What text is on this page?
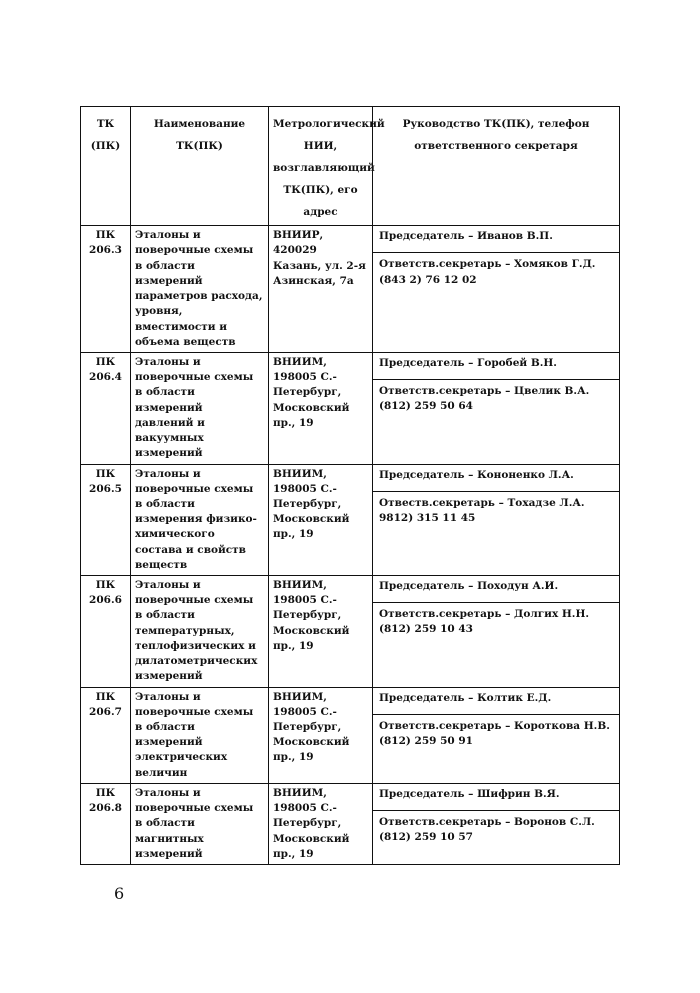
ТК (ПК)	Наименование ТК(ПК)	Метрологический НИИ, возглавляющий ТК(ПК), его адрес	Руководство ТК(ПК), телефон ответственного секретаря
ПК 206.3	Эталоны и поверочные схемы в области измерений параметров расхода, уровня, вместимости и объема веществ	ВНИИР, 420029 Казань, ул. 2-я Азинская, 7а	Председатель – Иванов В.П.
Ответств.секретарь – Хомяков Г.Д. (843 2) 76 12 02

ПК 206.4	Эталоны и поверочные схемы в области измерений давлений и вакуумных измерений	ВНИИМ, 198005 С.-Петербург, Московский пр., 19	Председатель – Горобей В.Н.
Ответств.секретарь – Цвелик В.А. (812) 259 50 64

ПК 206.5	Эталоны и поверочные схемы в области измерения физико-химического состава и свойств веществ	ВНИИМ, 198005 С.-Петербург, Московский пр., 19	Председатель – Кононенко Л.А.
Отвеств.секретарь – Тохадзе Л.А. 9812) 315 11 45

ПК 206.6	Эталоны и поверочные схемы в области температурных, теплофизических и дилатометрических измерений	ВНИИМ, 198005 С.-Петербург, Московский пр., 19	Председатель – Походун А.И.
Ответств.секретарь – Долгих Н.Н. (812) 259 10 43

ПК 206.7	Эталоны и поверочные схемы в области измерений электрических величин	ВНИИМ, 198005 С.-Петербург, Московский пр., 19	Председатель – Колтик Е.Д.
Ответств.секретарь – Короткова Н.В. (812) 259 50 91

ПК 206.8	Эталоны и поверочные схемы в области магнитных измерений	ВНИИМ, 198005 С.-Петербург, Московский пр., 19	Председатель – Шифрин В.Я.
Ответств.секретарь – Воронов С.Л. (812) 259 10 57
6
